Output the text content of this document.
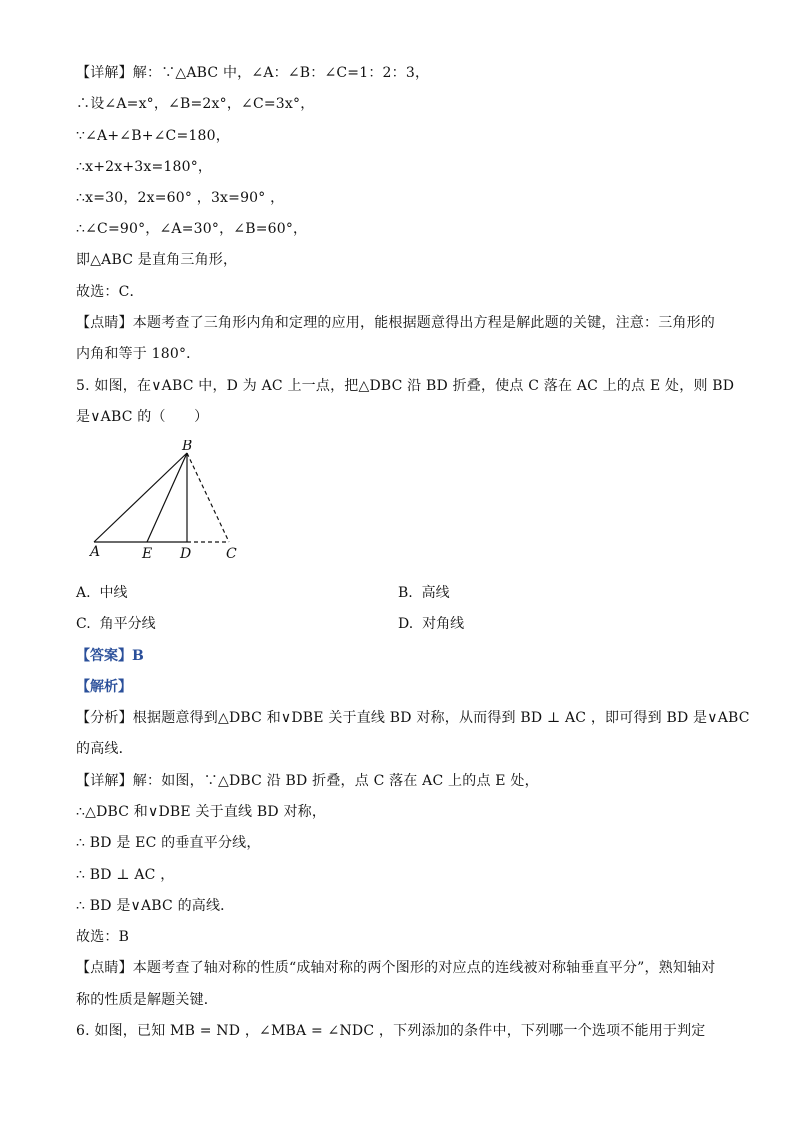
【详解】解：∵△ABC 中，∠A：∠B：∠C=1：2：3，
∴设∠A=x°，∠B=2x°，∠C=3x°，
∵∠A+∠B+∠C=180，
∴x+2x+3x=180°，
∴x=30，2x=60° ，3x=90° ，
∴∠C=90°，∠A=30°，∠B=60°，
即△ABC 是直角三角形，
故选：C．
【点睛】本题考查了三角形内角和定理的应用，能根据题意得出方程是解此题的关键，注意：三角形的
内角和等于 180°．
5. 如图，在∨ABC 中，D 为 AC 上一点，把△DBC 沿 BD 折叠，使点 C 落在 AC 上的点 E 处，则 BD
是∨ABC 的（　　）
B
A	E D C
A.  中线	B.  高线
C.  角平分线	D.  对角线
【答案】B
【解析】
【分析】根据题意得到△DBC 和∨DBE 关于直线 BD 对称，从而得到 BD ⊥ AC ，即可得到 BD 是∨ABC
的高线．
【详解】解：如图，∵△DBC 沿 BD 折叠，点 C 落在 AC 上的点 E 处，
∴△DBC 和∨DBE 关于直线 BD 对称，
∴ BD 是 EC 的垂直平分线，
∴ BD ⊥ AC ，
∴ BD 是∨ABC 的高线．
故选：B
【点睛】本题考查了轴对称的性质“成轴对称的两个图形的对应点的连线被对称轴垂直平分”，熟知轴对
称的性质是解题关键．
6. 如图，已知 MB = ND ，∠MBA = ∠NDC ，下列添加的条件中，下列哪一个选项不能用于判定
